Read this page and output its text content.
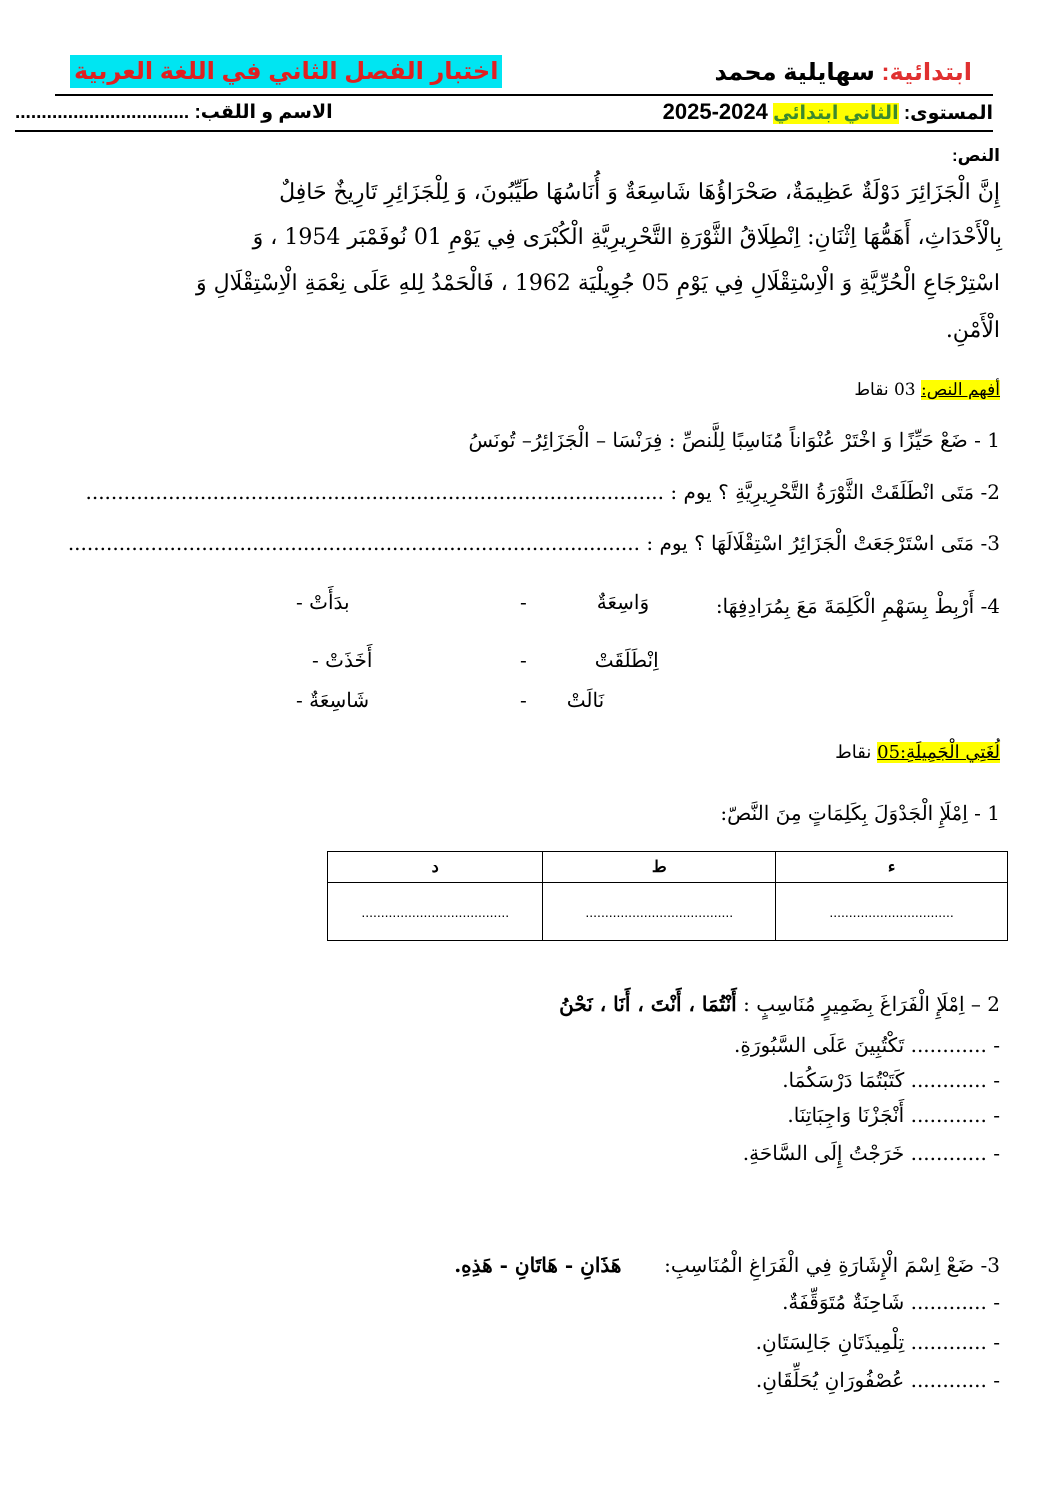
ابتدائية: سهايلية محمد
اختبار الفصل الثاني في اللغة العربية
المستوى: الثاني ابتدائي 2024-2025
الاسم و اللقب: .................................
النص:
إِنَّ الْجَزَائِرَ دَوْلَةٌ عَظِيمَةٌ، صَحْرَاؤُهَا شَاسِعَةٌ وَ أُنَاسُهَا طَيِّبُونَ، وَ لِلْجَزَائِرِ تَارِيخٌ حَافِلٌ
بِالْأَحْدَاثِ، أَهَمُّهَا اِثْنَانِ: اِنْطِلَاقُ الثَّوْرَةِ التَّحْرِيرِيَّةِ الْكُبْرَى فِي يَوْمِ 01 نُوفَمْبَر 1954 ، وَ
اسْتِرْجَاعِ الْحُرِّيَّةِ وَ الْاِسْتِقْلَالِ فِي يَوْمِ 05 جُوِيلْيَة 1962 ، فَالْحَمْدُ لِلهِ عَلَى نِعْمَةِ الْاِسْتِقْلَالِ وَ
الْأَمْنِ.
أفهم النص: 03 نقاط
1 - ضَعْ حَيِّزًا وَ اخْتَرْ عُنْوَاناً مُنَاسِبًا لِلَّنصِّ : فِرَنْسَا – الْجَزَائِرُ– تُونَسُ
2- مَتَى انْطَلَقَتْ الثَّوْرَةُ التَّحْرِيرِيَّةِ ؟ يوم : ...........................................................................................
3- مَتَى اسْتَرْجَعَتْ الْجَزَائِرُ اسْتِقْلَالَهَا ؟ يوم : ..........................................................................................
4- أَرْبِطْ بِسَهْمِ الْكَلِمَةَ مَعَ بِمُرَادِفِهَا:
وَاسِعَةٌ-
اِنْطَلَقَتْ-
نَالَتْ-
بدَأَتْ -
أَخَذَتْ -
شَاسِعَةٌ -
لُغَتِي الْجَمِيلَةِ:05 نقاط
1 - اِمْلَإِ الْجَدْوَلَ بِكَلِمَاتٍ مِنَ النَّصّ:
ء	ط	د
................................	......................................	......................................
2 – اِمْلَإِ الْفَرَاغَ بِضَمِيرٍ مُنَاسِبٍ : أَنْتُمَا ، أَنْتَ ، أَنَا ، نَحْنُ
- ............ تَكْتُبِينَ عَلَى السَّبُورَةِ.
- ............ كَتَبْتُمَا دَرْسَكُمَا.
- ............ أَنْجَزْنَا وَاجِبَاتِنَا.
- ............ خَرَجْتُ إِلَى السَّاحَةِ.
3- ضَعْ اِسْمَ الْإِشَارَةِ فِي الْفَرَاغِ الْمُنَاسِبِ:  هَذَانِ - هَاتَانِ - هَذِهِ.
- ............ شَاحِنَةٌ مُتَوَقِّفَةٌ.
- ............ تِلْمِيذَتَانِ جَالِسَتَانِ.
- ............ عُصْفُورَانِ يُحَلِّقَانِ.
